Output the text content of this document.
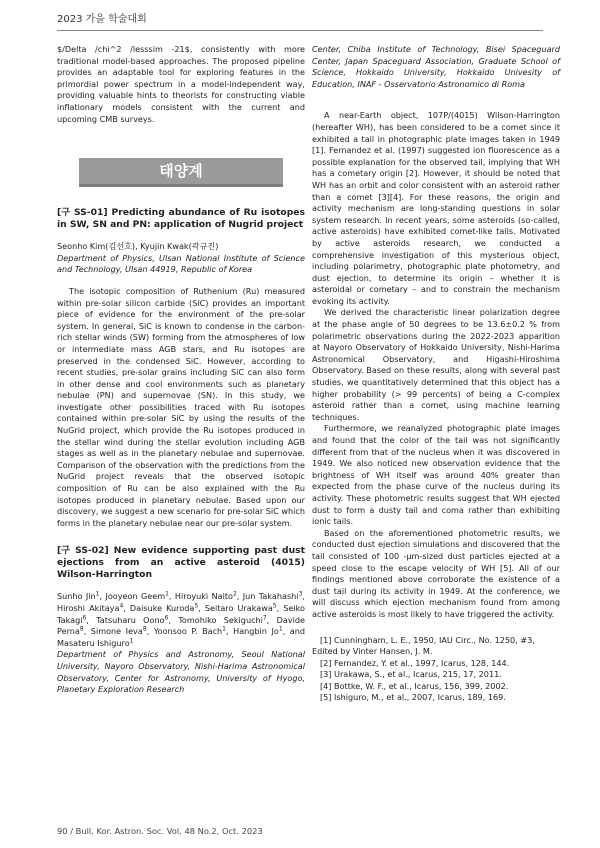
2023 가을 학술대회

$/Delta /chi^2 /lesssim -21$, consistently with more traditional model-based approaches. The proposed pipeline provides an adaptable tool for exploring features in the primordial power spectrum in a model-independent way, providing valuable hints to theorists for constructing viable inflationary models consistent with the current and upcoming CMB surveys.

태양계

[구 SS-01] Predicting abundance of Ru isotopes in SW, SN and PN: application of Nugrid project

Seonho Kim(김선호), Kyujin Kwak(곽규진)

Department of Physics, Ulsan National Institute of Science and Technology, Ulsan 44919, Republic of Korea

The isotopic composition of Ruthenium (Ru) measured within pre-solar silicon carbide (SiC) provides an important piece of evidence for the environment of the pre-solar system. In general, SiC is known to condense in the carbon-rich stellar winds (SW) forming from the atmospheres of low or intermediate mass AGB stars, and Ru isotopes are preserved in the condensed SiC. However, according to recent studies, pre-solar grains including SiC can also form in other dense and cool environments such as planetary nebulae (PN) and supernovae (SN). In this study, we investigate other possibilities traced with Ru isotopes contained within pre-solar SiC by using the results of the NuGrid project, which provide the Ru isotopes produced in the stellar wind during the stellar evolution including AGB stages as well as in the planetary nebulae and supernovae. Comparison of the observation with the predictions from the NuGrid project reveals that the observed isotopic composition of Ru can be also explained with the Ru isotopes produced in planetary nebulae. Based upon our discovery, we suggest a new scenario for pre-solar SiC which forms in the planetary nebulae near our pre-solar system.

[구 SS-02] New evidence supporting past dust ejections from an active asteroid (4015) Wilson-Harrington

Sunho Jin$^1$, Jooyeon Geem$^1$, Hiroyuki Naito$^2$, Jun Takahashi$^3$, Hiroshi Akitaya$^4$, Daisuke Kuroda$^5$, Seitaro Urakawa$^5$, Seiko Takagi$^6$, Tatsuharu Oono$^6$, Tomohiko Sekiguchi$^7$, Davide Perna$^8$, Simone Ieva$^8$, Yoonsoo P. Bach$^1$, Hangbin Jo$^1$, and Masateru Ishiguro$^1$

Department of Physics and Astronomy, Seoul National University, Nayoro Observatory, Nishi-Harima Astronomical Observatory, Center for Astronomy, University of Hyogo, Planetary Exploration Research

Center, Chiba Institute of Technology, Bisei Spaceguard Center, Japan Spaceguard Association, Graduate School of Science, Hokkaido University, Hokkaido Univesity of Education, INAF - Osservatorio Astronomico di Roma

A near-Earth object, 107P/(4015) Wilson-Harrington (hereafter WH), has been considered to be a comet since it exhibited a tail in photographic plate images taken in 1949 [1]. Fernandez et al. (1997) suggested ion fluorescence as a possible explanation for the observed tail, implying that WH has a cometary origin [2]. However, it should be noted that WH has an orbit and color consistent with an asteroid rather than a comet [3][4]. For these reasons, the origin and activity mechanism are long-standing questions in solar system research. In recent years, some asteroids (so-called, active asteroids) have exhibited comet-like tails. Motivated by active asteroids research, we conducted a comprehensive investigation of this mysterious object, including polarimetry, photographic plate photometry, and dust ejection, to determine its origin – whether it is asteroidal or cometary – and to constrain the mechanism evoking its activity.

We derived the characteristic linear polarization degree at the phase angle of 50 degrees to be 13.6±0.2 % from polarimetric observations during the 2022-2023 apparition at Nayoro Observatory of Hokkaido University, Nishi-Harima Astronomical Observatory, and Higashi-Hiroshima Observatory. Based on these results, along with several past studies, we quantitatively determined that this object has a higher probability (> 99 percents) of being a C-complex asteroid rather than a comet, using machine learning techniques.

Furthermore, we reanalyzed photographic plate images and found that the color of the tail was not significantly different from that of the nucleus when it was discovered in 1949. We also noticed new observation evidence that the brightness of WH itself was around 40% greater than expected from the phase curve of the nucleus during its activity. These photometric results suggest that WH ejected dust to form a dusty tail and coma rather than exhibiting ionic tails.

Based on the aforementioned photometric results, we conducted dust ejection simulations and discovered that the tail consisted of 100 -μm-sized dust particles ejected at a speed close to the escape velocity of WH [5]. All of our findings mentioned above corroborate the existence of a dust tail during its activity in 1949. At the conference, we will discuss which ejection mechanism found from among active asteroids is most likely to have triggered the activity.

[1] Cunningham, L. E., 1950, IAU Circ., No. 1250, #3, Edited by Vinter Hansen, J. M.

[2] Fernandez, Y. et al., 1997, Icarus, 128, 144.

[3] Urakawa, S., et al., Icarus, 215, 17, 2011.

[4] Bottke, W. F., et al., Icarus, 156, 399, 2002.

[5] Ishiguro, M., et al., 2007, Icarus, 189, 169.

90 / Bull. Kor. Astron. Soc. Vol. 48 No.2, Oct. 2023
